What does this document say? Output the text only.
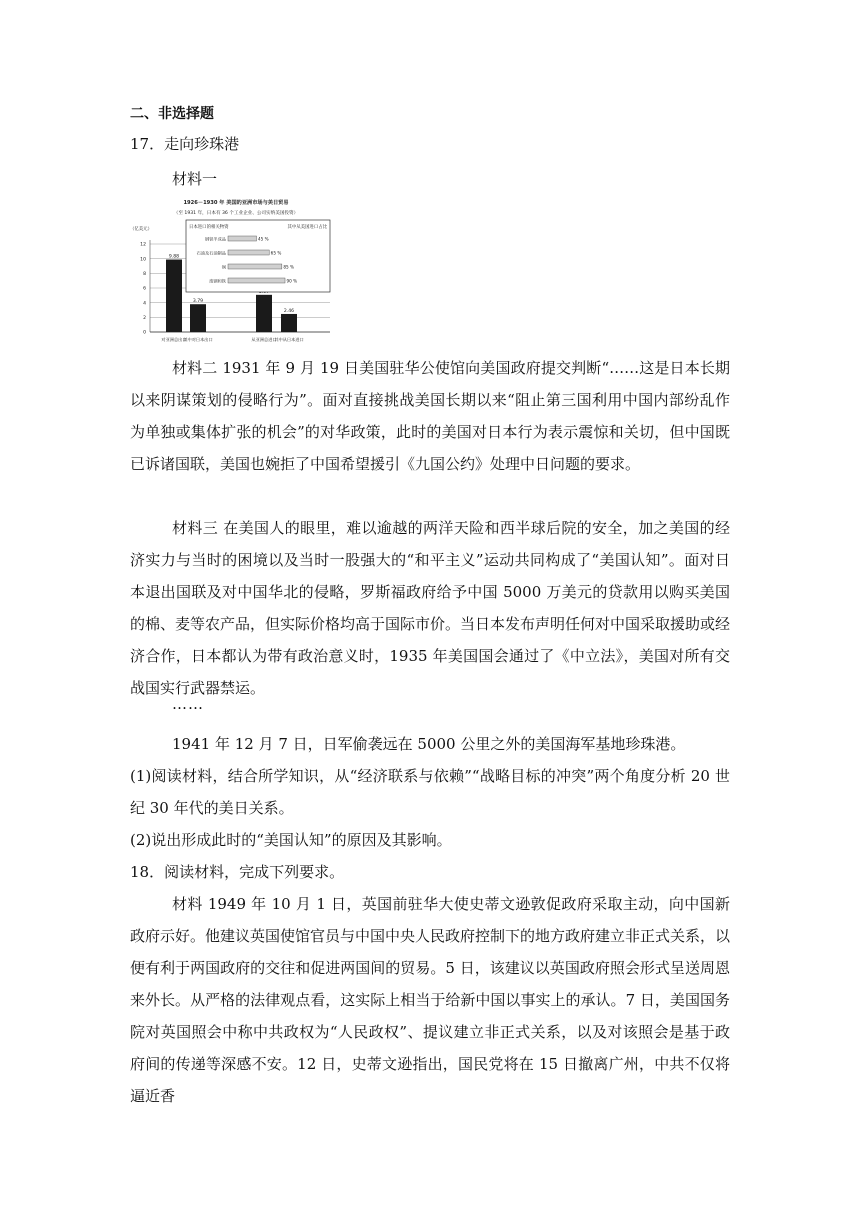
二、非选择题
17．走向珍珠港
材料一
1926－1930 年 美国的亚洲市场与美日贸易
（至 1931 年，日本有 36 个工业企业、公司实纳美国投资）
（亿美元）
0
2
4
6
8
10
12
9.88
对亚洲总出口
3.79
其中对日本出口	从亚洲总进口
2.46
其中从日本进口
日本进口的相关物资	其中从美国进口占比
钢铁半成品	45 %
石油及石油制品	65 %
铜	85 %
废钢和铁	90 %
材料二 1931 年 9 月 19 日美国驻华公使馆向美国政府提交判断“……这是日本长期以来阴谋策划的侵略行为”。面对直接挑战美国长期以来“阻止第三国利用中国内部纷乱作为单独或集体扩张的机会”的对华政策，此时的美国对日本行为表示震惊和关切，但中国既已诉诸国联，美国也婉拒了中国希望援引《九国公约》处理中日问题的要求。
材料三 在美国人的眼里，难以逾越的两洋天险和西半球后院的安全，加之美国的经济实力与当时的困境以及当时一股强大的“和平主义”运动共同构成了“美国认知”。面对日本退出国联及对中国华北的侵略，罗斯福政府给予中国 5000 万美元的贷款用以购买美国的棉、麦等农产品，但实际价格均高于国际市价。当日本发布声明任何对中国采取援助或经济合作，日本都认为带有政治意义时，1935 年美国国会通过了《中立法》，美国对所有交战国实行武器禁运。
……
1941 年 12 月 7 日，日军偷袭远在 5000 公里之外的美国海军基地珍珠港。
(1)阅读材料，结合所学知识，从“经济联系与依赖”“战略目标的冲突”两个角度分析 20 世纪 30 年代的美日关系。
(2)说出形成此时的“美国认知”的原因及其影响。
18．阅读材料，完成下列要求。
材料 1949 年 10 月 1 日，英国前驻华大使史蒂文逊敦促政府采取主动，向中国新政府示好。他建议英国使馆官员与中国中央人民政府控制下的地方政府建立非正式关系，以便有利于两国政府的交往和促进两国间的贸易。5 日，该建议以英国政府照会形式呈送周恩来外长。从严格的法律观点看，这实际上相当于给新中国以事实上的承认。7 日，美国国务院对英国照会中称中共政权为“人民政权”、提议建立非正式关系，以及对该照会是基于政府间的传递等深感不安。12 日，史蒂文逊指出，国民党将在 15 日撤离广州，中共不仅将逼近香
